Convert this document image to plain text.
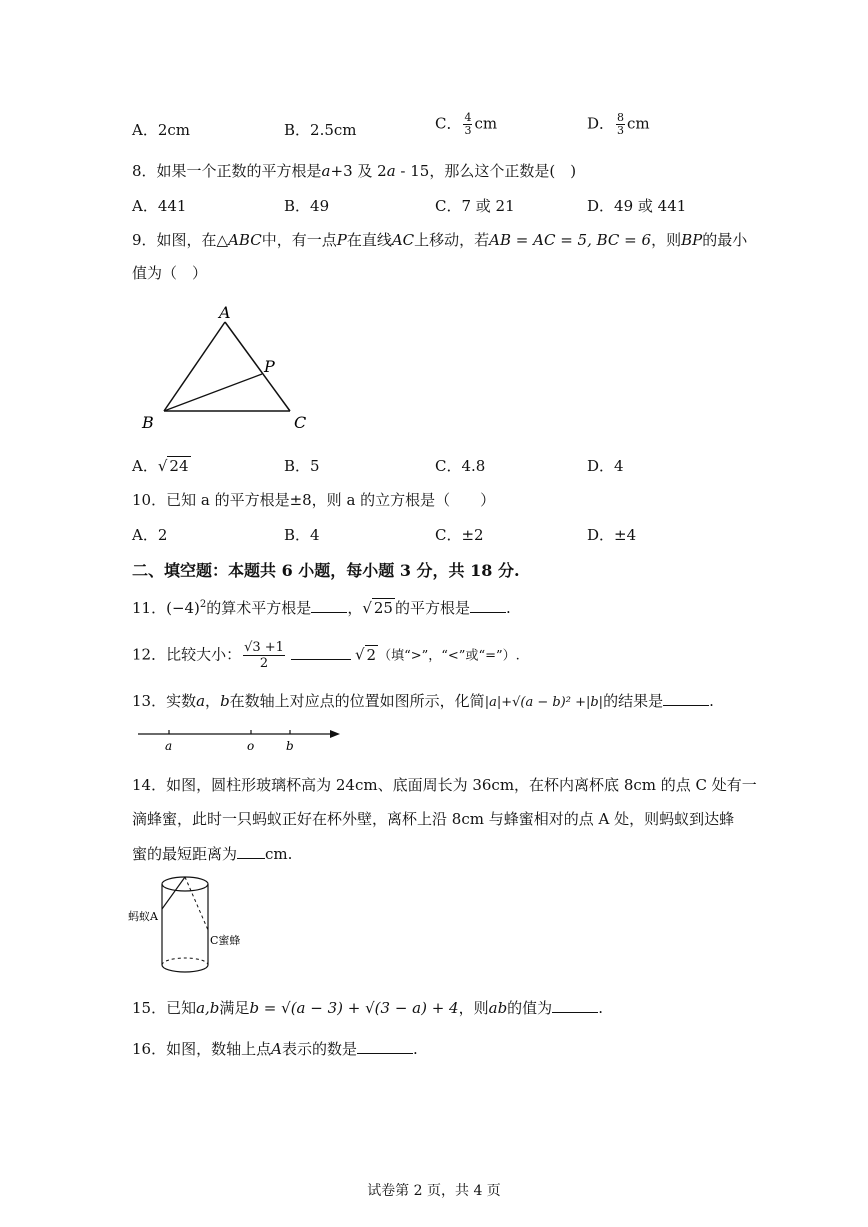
A．2cm	B．2.5cm	C． $\frac{4}{3}$ cm	D． $\frac{8}{3}$ cm
8．如果一个正数的平方根是a+3 及 2a - 15，那么这个正数是(　)
A．441	B．49	C．7 或 21	D．49 或 441
9．如图，在△ABC中，有一点P在直线AC上移动，若AB = AC = 5, BC = 6，则BP的最小
值为（　）
A
B	C
P
A．√ 24	B．5	C．4.8	D．4
10．已知 a 的平方根是±8，则 a 的立方根是（　　）
A．2	B．4	C．±2	D．±4
二、填空题：本题共 6 小题，每小题 3 分，共 18 分.
11．$(-4)^2$的算术平方根是 ，√ 25 的平方根是 .
12．比较大小： $\frac{√3 +1}{2}$	√ 2 （填“>”，“<”或“=”）.
13．实数a，b在数轴上对应点的位置如图所示，化简|a|+√(a − b)² +|b|的结果是	.
a	o	b
14．如图，圆柱形玻璃杯高为 24cm、底面周长为 36cm，在杯内离杯底 8cm 的点 C 处有一
滴蜂蜜，此时一只蚂蚁正好在杯外壁，离杯上沿 8cm 与蜂蜜相对的点 A 处，则蚂蚁到达蜂
蜜的最短距离为 cm.
蚂蚁A
C蜜蜂
15．已知a,b满足b = √(a − 3) + √(3 − a) + 4，则ab的值为	.
16．如图，数轴上点A表示的数是	.
试卷第 2 页，共 4 页
